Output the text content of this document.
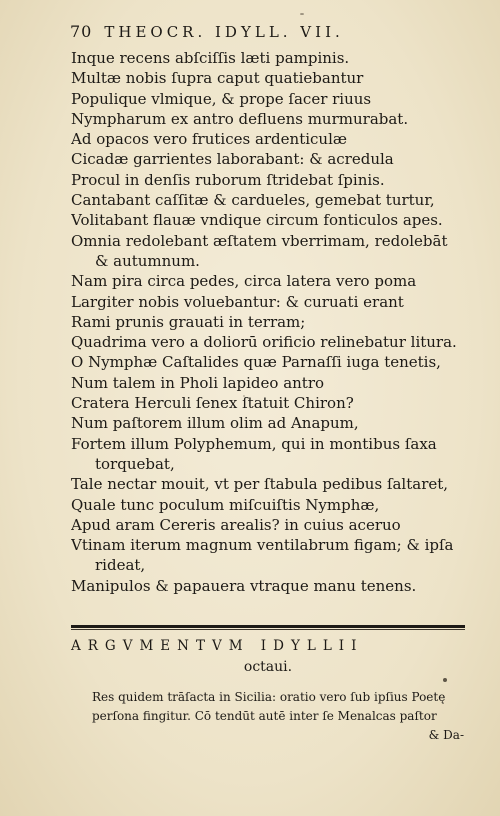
70 THEOCR. IDYLL. VII.
Inque recens abſciſſis læti pampinis.
Multæ nobis ſupra caput quatiebantur
Populique vlmique, & prope ſacer riuus
Nympharum ex antro defluens murmurabat.
Ad opacos vero frutices ardenticulæ
Cicadæ garrientes laborabant: & acredula
Procul in denſis ruborum ſtridebat ſpinis.
Cantabant caſſitæ & cardueles, gemebat turtur,
Volitabant flauæ vndique circum fonticulos apes.
Omnia redolebant æſtatem vberrimam, redolebāt
& autumnum.
Nam pira circa pedes, circa latera vero poma
Largiter nobis voluebantur: & curuati erant
Rami prunis grauati in terram;
Quadrima vero a doliorū orificio relinebatur litura.
O Nymphæ Caſtalides quæ Parnaſſi iuga tenetis,
Num talem in Pholi lapideo antro
Cratera Herculi ſenex ſtatuit Chiron?
Num paſtorem illum olim ad Anapum,
Fortem illum Polyphemum, qui in montibus ſaxa
torquebat,
Tale nectar mouit, vt per ſtabula pedibus ſaltaret,
Quale tunc poculum miſcuiſtis Nymphæ,
Apud aram Cereris arealis? in cuius aceruo
Vtinam iterum magnum ventilabrum figam; & ipſa
rideat,
Manipulos & papauera vtraque manu tenens.
ARGVMENTVM IDYLLII
octaui.
Res quidem trāſacta in Sicilia: oratio vero ſub ipſius Poetę
perſona fingitur. Cō tendūt autē inter ſe Menalcas paſtor
& Da-
